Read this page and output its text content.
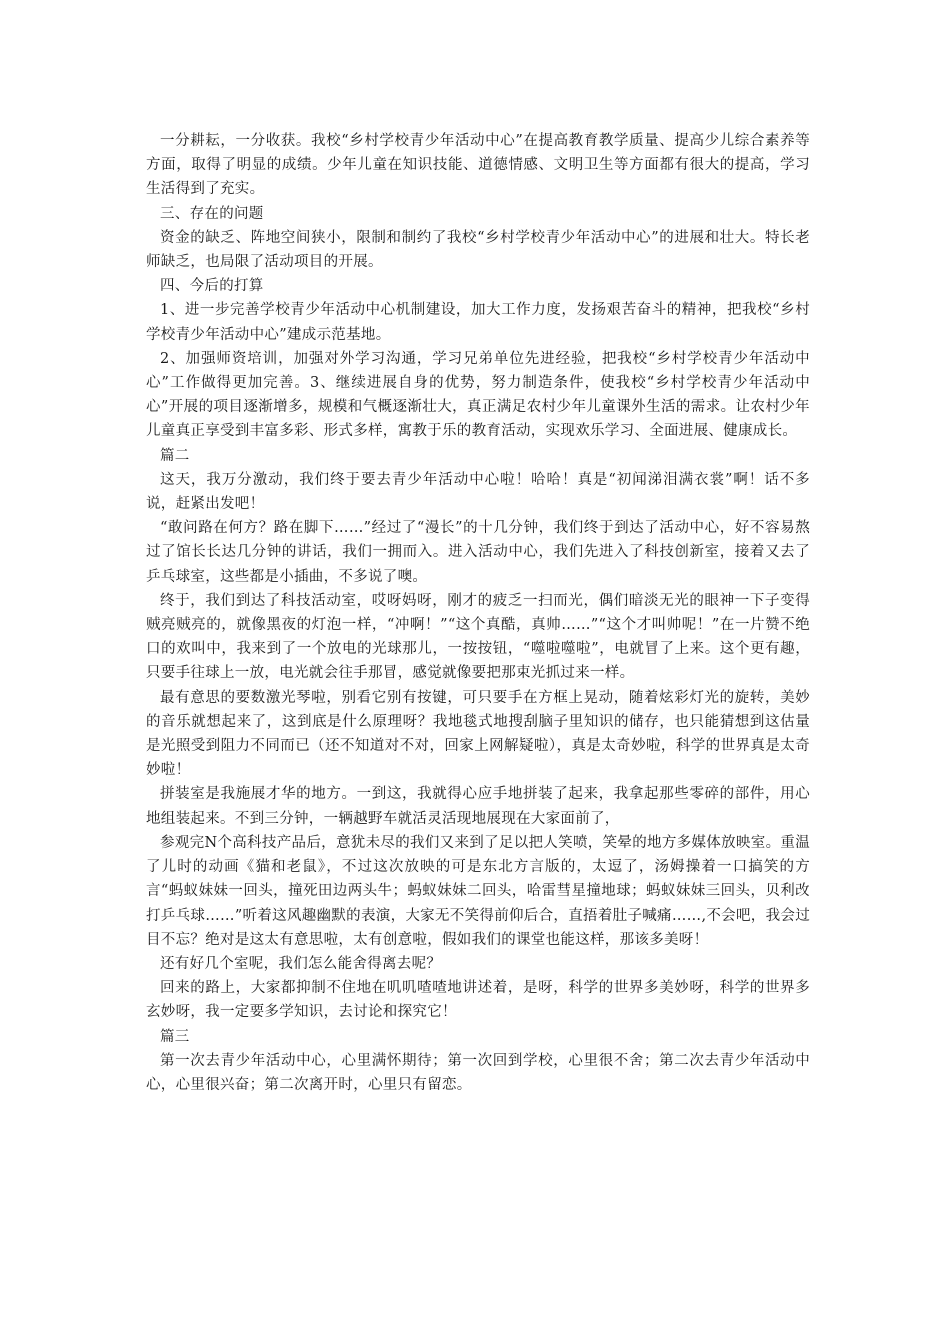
一分耕耘，一分收获。我校“乡村学校青少年活动中心”在提高教育教学质量、提高少儿综合素养等方面，取得了明显的成绩。少年儿童在知识技能、道德情感、文明卫生等方面都有很大的提高，学习生活得到了充实。

三、存在的问题

资金的缺乏、阵地空间狭小，限制和制约了我校“乡村学校青少年活动中心”的进展和壮大。特长老师缺乏，也局限了活动项目的开展。

四、今后的打算

1、进一步完善学校青少年活动中心机制建设，加大工作力度，发扬艰苦奋斗的精神，把我校“乡村学校青少年活动中心”建成示范基地。

2、加强师资培训，加强对外学习沟通，学习兄弟单位先进经验，把我校“乡村学校青少年活动中心”工作做得更加完善。3、继续进展自身的优势，努力制造条件，使我校“乡村学校青少年活动中心”开展的项目逐渐增多，规模和气概逐渐壮大，真正满足农村少年儿童课外生活的需求。让农村少年儿童真正享受到丰富多彩、形式多样，寓教于乐的教育活动，实现欢乐学习、全面进展、健康成长。

篇二

这天，我万分激动，我们终于要去青少年活动中心啦！哈哈！真是“初闻涕泪满衣裳”啊！话不多说，赶紧出发吧！

“敢问路在何方？路在脚下……”经过了“漫长”的十几分钟，我们终于到达了活动中心，好不容易熬过了馆长长达几分钟的讲话，我们一拥而入。进入活动中心，我们先进入了科技创新室，接着又去了乒乓球室，这些都是小插曲，不多说了噢。

终于，我们到达了科技活动室，哎呀妈呀，刚才的疲乏一扫而光，偶们暗淡无光的眼神一下子变得贼亮贼亮的，就像黑夜的灯泡一样，“冲啊！”“这个真酷，真帅……”“这个才叫帅呢！”在一片赞不绝口的欢叫中，我来到了一个放电的光球那儿，一按按钮，“噬啦噬啦”，电就冒了上来。这个更有趣，只要手往球上一放，电光就会往手那冒，感觉就像要把那束光抓过来一样。

最有意思的要数激光琴啦，别看它别有按键，可只要手在方框上晃动，随着炫彩灯光的旋转，美妙的音乐就想起来了，这到底是什么原理呀？我地毯式地搜刮脑子里知识的储存，也只能猜想到这估量是光照受到阻力不同而已（还不知道对不对，回家上网解疑啦），真是太奇妙啦，科学的世界真是太奇妙啦！

拼装室是我施展才华的地方。一到这，我就得心应手地拼装了起来，我拿起那些零碎的部件，用心地组装起来。不到三分钟，一辆越野车就活灵活现地展现在大家面前了，

参观完N个高科技产品后，意犹未尽的我们又来到了足以把人笑喷，笑晕的地方多媒体放映室。重温了儿时的动画《猫和老鼠》，不过这次放映的可是东北方言版的，太逗了，汤姆操着一口搞笑的方言“蚂蚁妹妹一回头，撞死田边两头牛；蚂蚁妹妹二回头，哈雷彗星撞地球；蚂蚁妹妹三回头，贝利改打乒乓球……”听着这风趣幽默的表演，大家无不笑得前仰后合，直捂着肚子喊痛……,不会吧，我会过目不忘？绝对是这太有意思啦，太有创意啦，假如我们的课堂也能这样，那该多美呀！

还有好几个室呢，我们怎么能舍得离去呢？

回来的路上，大家都抑制不住地在叽叽喳喳地讲述着，是呀，科学的世界多美妙呀，科学的世界多玄妙呀，我一定要多学知识，去讨论和探究它！

篇三

第一次去青少年活动中心，心里满怀期待；第一次回到学校，心里很不舍；第二次去青少年活动中心，心里很兴奋；第二次离开时，心里只有留恋。
